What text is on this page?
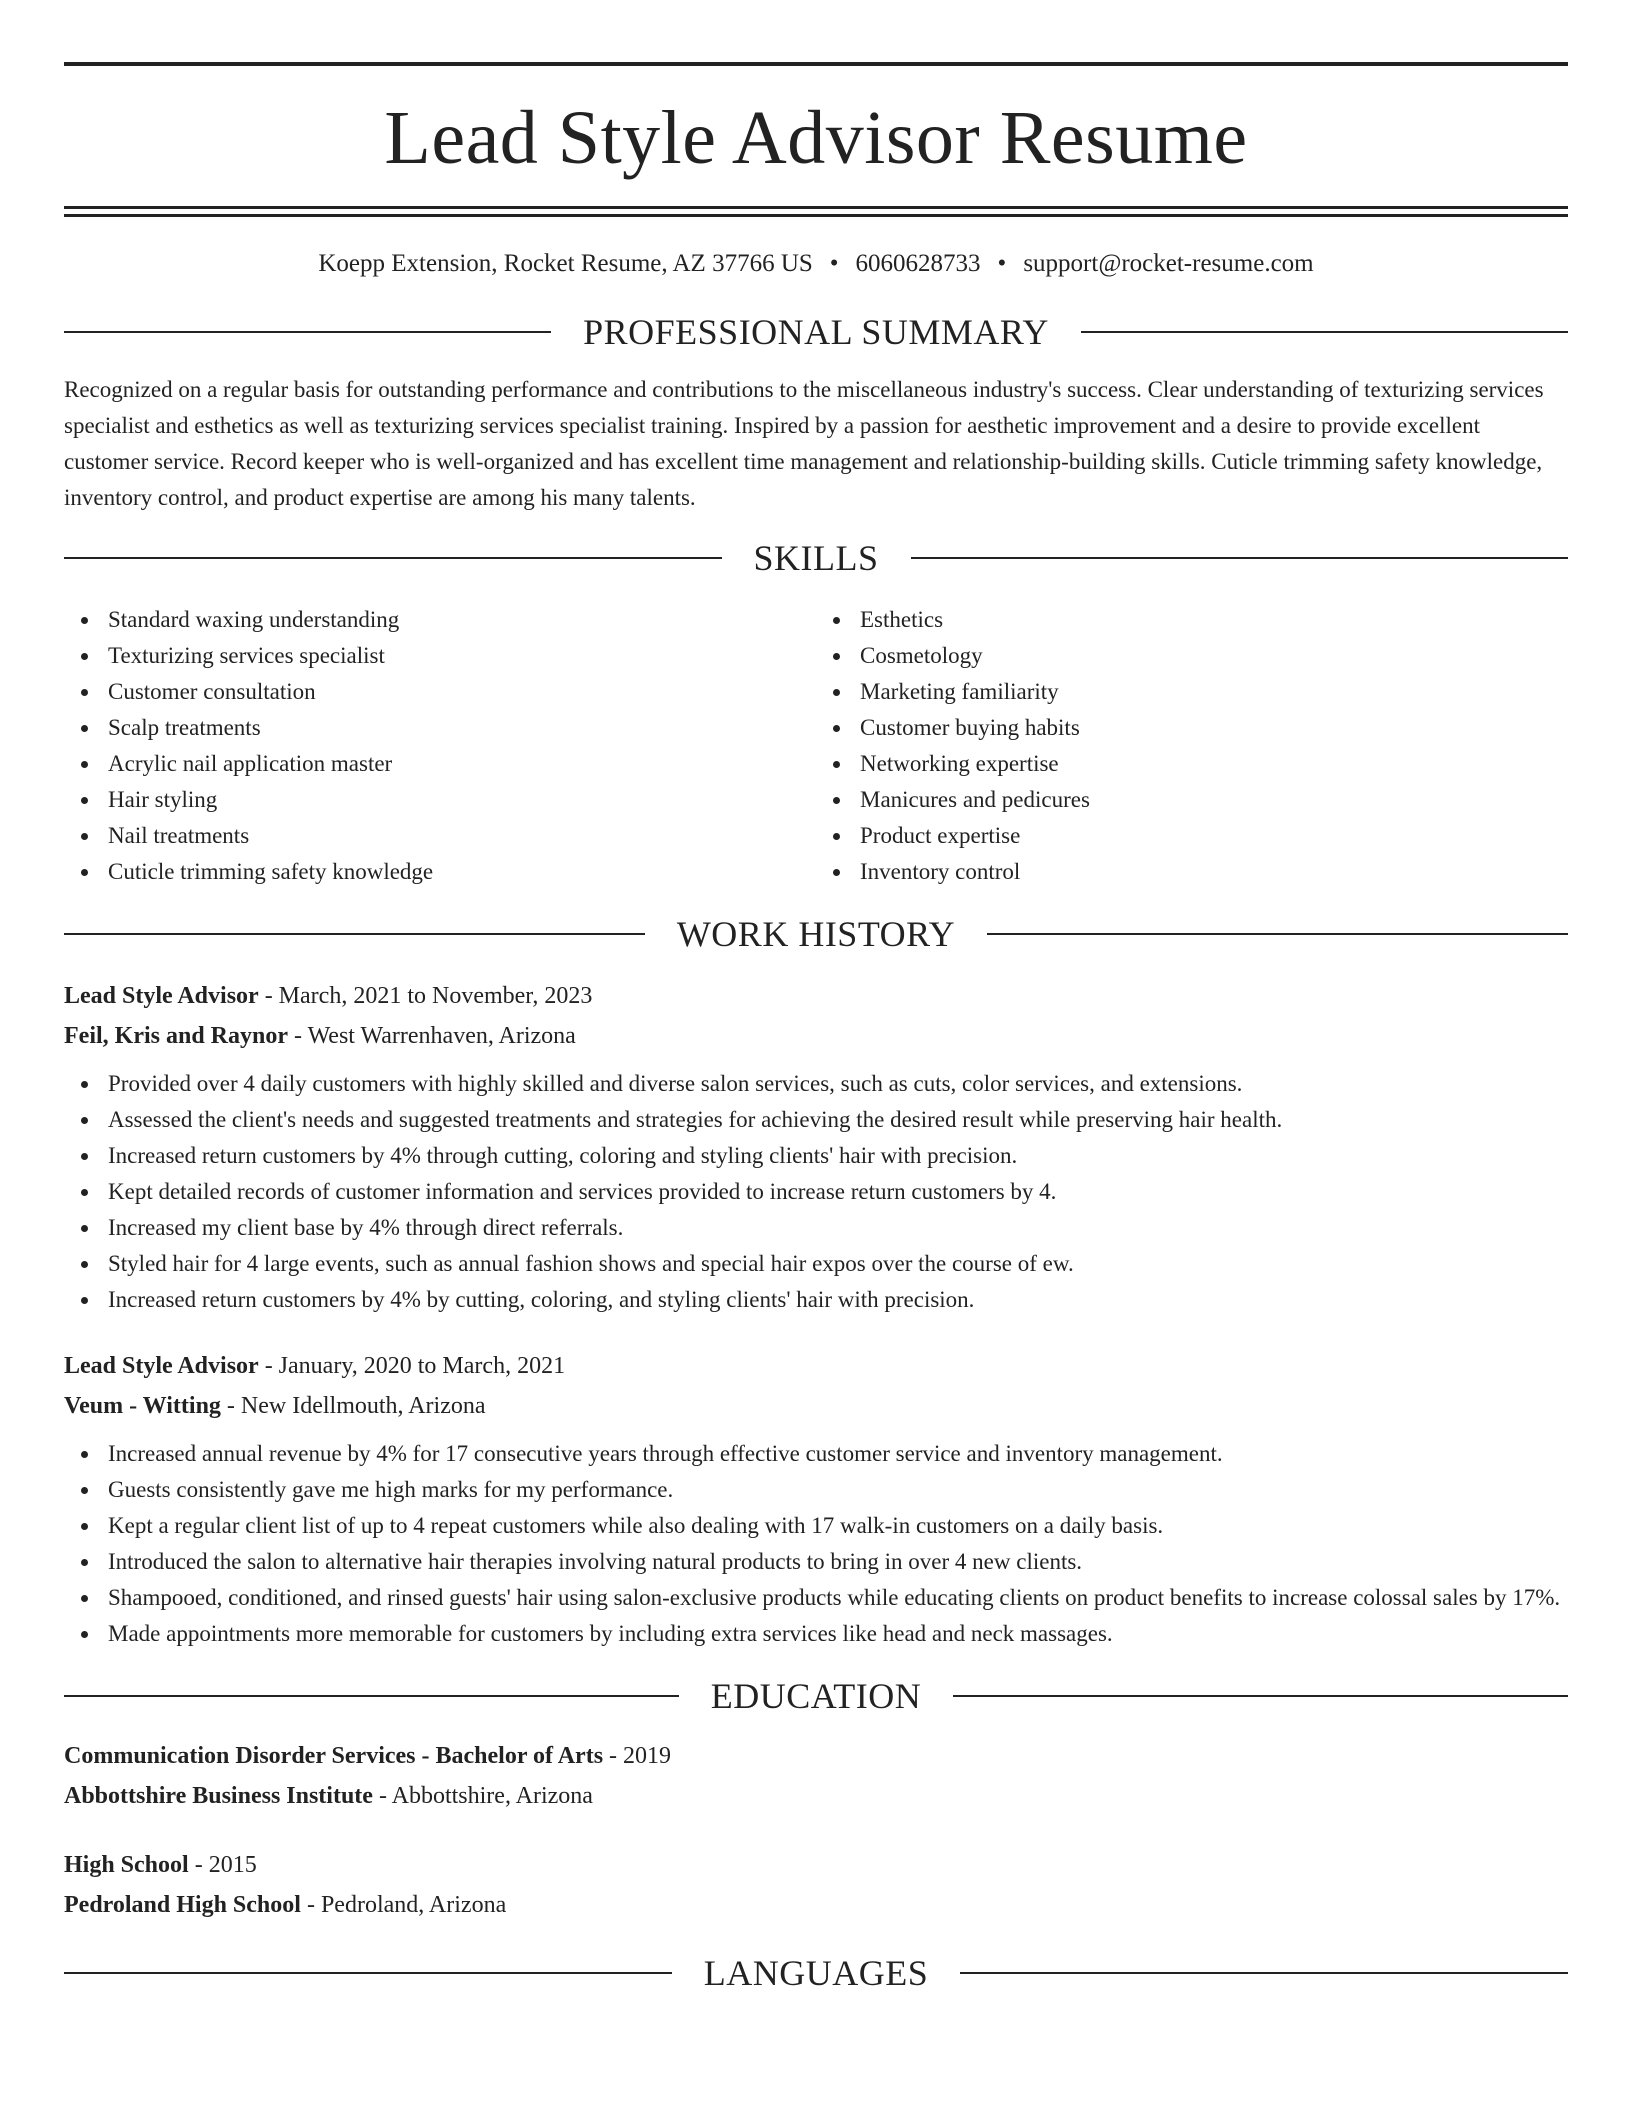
Lead Style Advisor Resume
Koepp Extension, Rocket Resume, AZ 37766 US • 6060628733 • support@rocket-resume.com
PROFESSIONAL SUMMARY
Recognized on a regular basis for outstanding performance and contributions to the miscellaneous industry's success. Clear understanding of texturizing services specialist and esthetics as well as texturizing services specialist training. Inspired by a passion for aesthetic improvement and a desire to provide excellent customer service. Record keeper who is well-organized and has excellent time management and relationship-building skills. Cuticle trimming safety knowledge, inventory control, and product expertise are among his many talents.
SKILLS
Standard waxing understanding
Texturizing services specialist
Customer consultation
Scalp treatments
Acrylic nail application master
Hair styling
Nail treatments
Cuticle trimming safety knowledge
Esthetics
Cosmetology
Marketing familiarity
Customer buying habits
Networking expertise
Manicures and pedicures
Product expertise
Inventory control
WORK HISTORY
Lead Style Advisor - March, 2021 to November, 2023
Feil, Kris and Raynor - West Warrenhaven, Arizona
Provided over 4 daily customers with highly skilled and diverse salon services, such as cuts, color services, and extensions.
Assessed the client's needs and suggested treatments and strategies for achieving the desired result while preserving hair health.
Increased return customers by 4% through cutting, coloring and styling clients' hair with precision.
Kept detailed records of customer information and services provided to increase return customers by 4.
Increased my client base by 4% through direct referrals.
Styled hair for 4 large events, such as annual fashion shows and special hair expos over the course of ew.
Increased return customers by 4% by cutting, coloring, and styling clients' hair with precision.
Lead Style Advisor - January, 2020 to March, 2021
Veum - Witting - New Idellmouth, Arizona
Increased annual revenue by 4% for 17 consecutive years through effective customer service and inventory management.
Guests consistently gave me high marks for my performance.
Kept a regular client list of up to 4 repeat customers while also dealing with 17 walk-in customers on a daily basis.
Introduced the salon to alternative hair therapies involving natural products to bring in over 4 new clients.
Shampooed, conditioned, and rinsed guests' hair using salon-exclusive products while educating clients on product benefits to increase colossal sales by 17%.
Made appointments more memorable for customers by including extra services like head and neck massages.
EDUCATION
Communication Disorder Services - Bachelor of Arts - 2019
Abbottshire Business Institute - Abbottshire, Arizona
High School - 2015
Pedroland High School - Pedroland, Arizona
LANGUAGES
